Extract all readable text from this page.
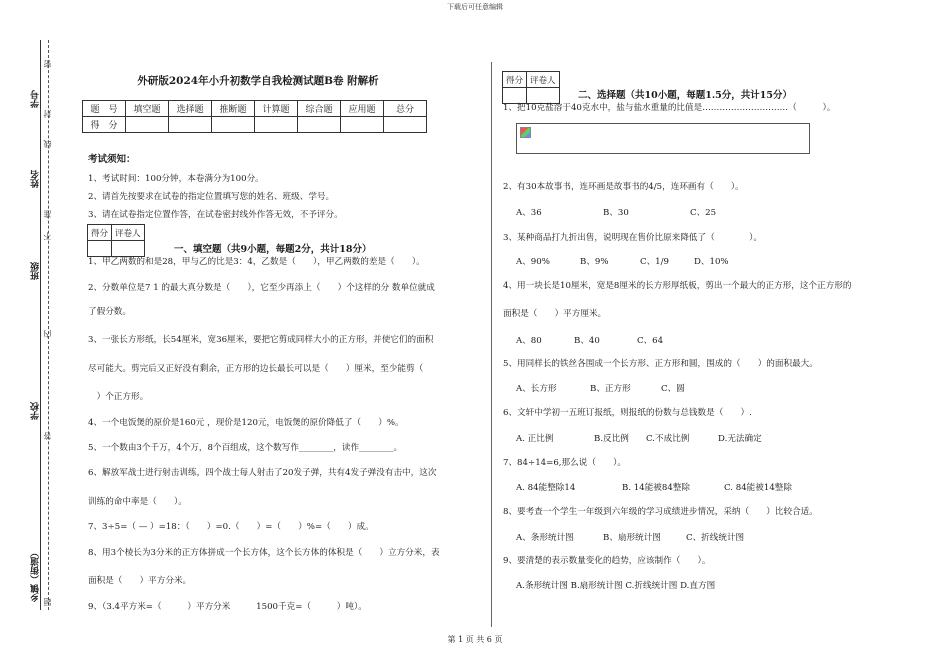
下载后可任意编辑
第 1 页 共 6 页
学号
姓名
班级
学校
乡镇（街道）
密
封
线
内
不
准
答
题
外研版2024年小升初数学自我检测试题B卷 附解析
题　号	填空题	选择题	推断题	计算题	综合题	应用题	总分
得　分							
考试须知：
1、考试时间：100分钟，本卷满分为100分。
2、请首先按要求在试卷的指定位置填写您的姓名、班级、学号。
3、请在试卷指定位置作答，在试卷密封线外作答无效，不予评分。
得分	评卷人

一、填空题（共9小题，每题2分，共计18分）
1、甲乙两数的和是28，甲与乙的比是3：4，乙数是（　　），甲乙两数的差是（　　）。
2、分数单位是7 1 的最大真分数是（　　），它至少再添上（　　）个这样的分 数单位就成
了假分数。
3、一张长方形纸，长54厘米，宽36厘米，要把它剪成同样大小的正方形，并使它们的面积
尽可能大。剪完后又正好没有剩余，正方形的边长最长可以是（　　）厘米，至少能剪（
　）个正方形。
4、一个电饭煲的原价是160元 ，现价是120元，电饭煲的原价降低了（　　）%。
5、一个数由3个千万，4个万，8个百组成，这个数写作________，读作________。
6、解放军战士进行射击训练，四个战士每人射击了20发子弹，共有4发子弹没有击中，这次
训练的命中率是（　　）。
7、3÷5=（ — ）=18：（　　）=0.（　　）=（　　）%=（　　）成。
8、用3个棱长为3分米的正方体拼成一个长方体，这个长方体的体积是（　　）立方分米，表
面积是（　　）平方分米。
9、（3.4平方米=（　　　）平方分米　　　1500千克=（　　　）吨）。
得分	评卷人

二、选择题（共10小题，每题1.5分，共计15分）
1、把10克盐溶于40克水中，盐与盐水重量的比值是…………………………（　　　）。
2、有30本故事书，连环画是故事书的4/5，连环画有（　　）。
A、36	B、30	C、25
3、某种商品打九折出售，说明现在售价比原来降低了（　　　　）。
A、90%	B、9%	C、1/9	D、10%
4、用一块长是10厘米，宽是8厘米的长方形厚纸板，剪出一个最大的正方形，这个正方形的
面积是（　　）平方厘米。
A、80	B、40	C、64
5、用同样长的铁丝各围成一个长方形、正方形和圆，围成的（　　）的面积最大。
A、长方形	B、正方形	C、圆
6、文轩中学初一五班订报纸，则报纸的份数与总钱数是（　　）.
A. 正比例	B.反比例 C.不成比例	D.无法确定
7、84÷14=6,那么说（　　）。
A. 84能整除14	B. 14能被84整除	C. 84能被14整除
8、要考查一个学生一年级到六年级的学习成绩进步情况，采纳（　　）比较合适。
A、条形统计图	B、扇形统计图	C、折线统计图
9、要清楚的表示数量变化的趋势，应该制作（　　）。
A.条形统计图 B.扇形统计图 C.折线统计图 D.直方图
